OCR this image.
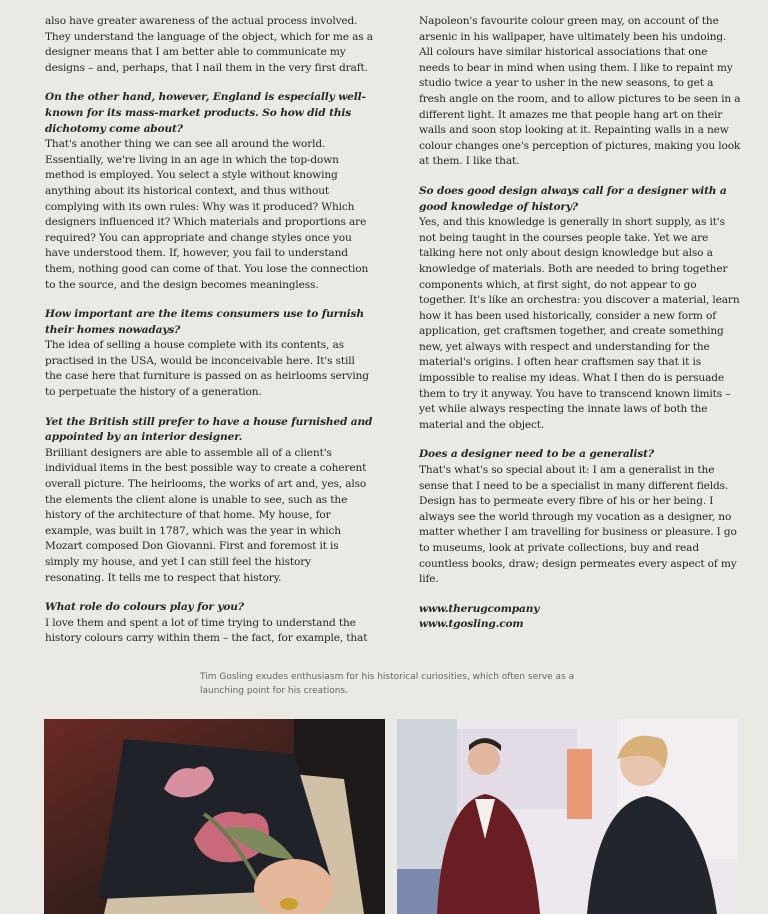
also have greater awareness of the actual process involved. They understand the language of the object, which for me as a designer means that I am better able to communicate my designs – and, perhaps, that I nail them in the very first draft.

On the other hand, however, England is especially well-known for its mass-market products. So how did this dichotomy come about?
That's another thing we can see all around the world. Essentially, we're living in an age in which the top-down method is employed. You select a style without knowing anything about its historical context, and thus without complying with its own rules: Why was it produced? Which designers influenced it? Which materials and proportions are required? You can appropriate and change styles once you have understood them. If, however, you fail to understand them, nothing good can come of that. You lose the connection to the source, and the design becomes meaningless.

How important are the items consumers use to furnish their homes nowadays?
The idea of selling a house complete with its contents, as practised in the USA, would be inconceivable here. It's still the case here that furniture is passed on as heirlooms serving to perpetuate the history of a generation.

Yet the British still prefer to have a house furnished and appointed by an interior designer.
Brilliant designers are able to assemble all of a client's individual items in the best possible way to create a coherent overall picture. The heirlooms, the works of art and, yes, also the elements the client alone is unable to see, such as the history of the architecture of that home. My house, for example, was built in 1787, which was the year in which Mozart composed Don Giovanni. First and foremost it is simply my house, and yet I can still feel the history resonating. It tells me to respect that history.

What role do colours play for you?
I love them and spent a lot of time trying to understand the history colours carry within them – the fact, for example, that

Napoleon's favourite colour green may, on account of the arsenic in his wallpaper, have ultimately been his undoing. All colours have similar historical associations that one needs to bear in mind when using them. I like to repaint my studio twice a year to usher in the new seasons, to get a fresh angle on the room, and to allow pictures to be seen in a different light. It amazes me that people hang art on their walls and soon stop looking at it. Repainting walls in a new colour changes one's perception of pictures, making you look at them. I like that.

So does good design always call for a designer with a good knowledge of history?
Yes, and this knowledge is generally in short supply, as it's not being taught in the courses people take. Yet we are talking here not only about design knowledge but also a knowledge of materials. Both are needed to bring together components which, at first sight, do not appear to go together. It's like an orchestra: you discover a material, learn how it has been used historically, consider a new form of application, get craftsmen together, and create something new, yet always with respect and understanding for the material's origins. I often hear craftsmen say that it is impossible to realise my ideas. What I then do is persuade them to try it anyway. You have to transcend known limits – yet while always respecting the innate laws of both the material and the object.

Does a designer need to be a generalist?
That's what's so special about it: I am a generalist in the sense that I need to be a specialist in many different fields. Design has to permeate every fibre of his or her being. I always see the world through my vocation as a designer, no matter whether I am travelling for business or pleasure. I go to museums, look at private collections, buy and read countless books, draw; design permeates every aspect of my life.

www.therugcompany
www.tgosling.com
Tim Gosling exudes enthusiasm for his historical curiosities, which often serve as a launching point for his creations.
